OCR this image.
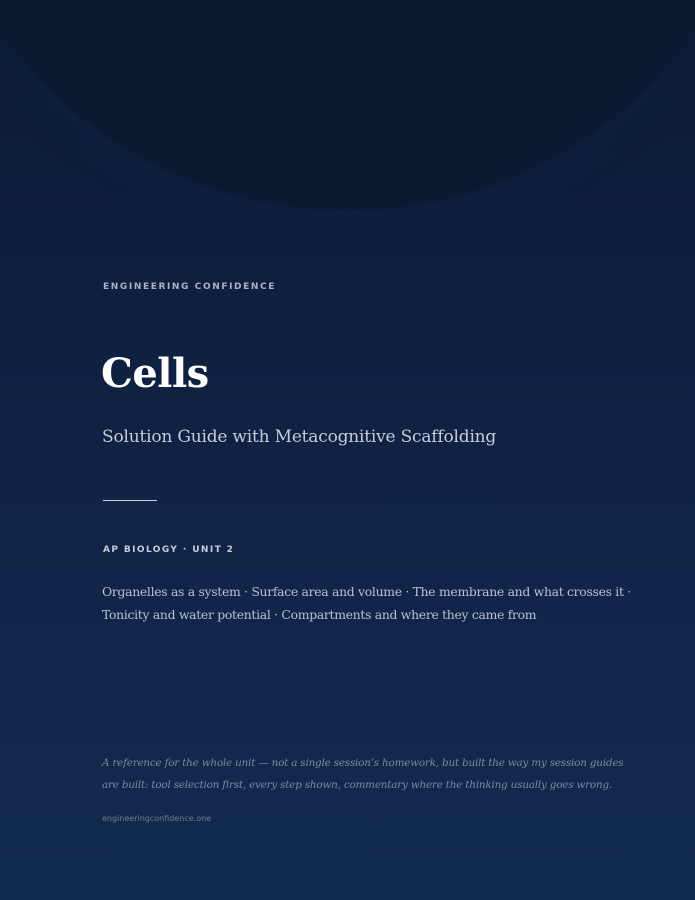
ENGINEERING CONFIDENCE

Cells

Solution Guide with Metacognitive Scaffolding

AP BIOLOGY · UNIT 2

Organelles as a system · Surface area and volume · The membrane and what crosses it ·
Tonicity and water potential · Compartments and where they came from

A reference for the whole unit — not a single session’s homework, but built the way my session guides
are built: tool selection first, every step shown, commentary where the thinking usually goes wrong.

engineeringconfidence.one
